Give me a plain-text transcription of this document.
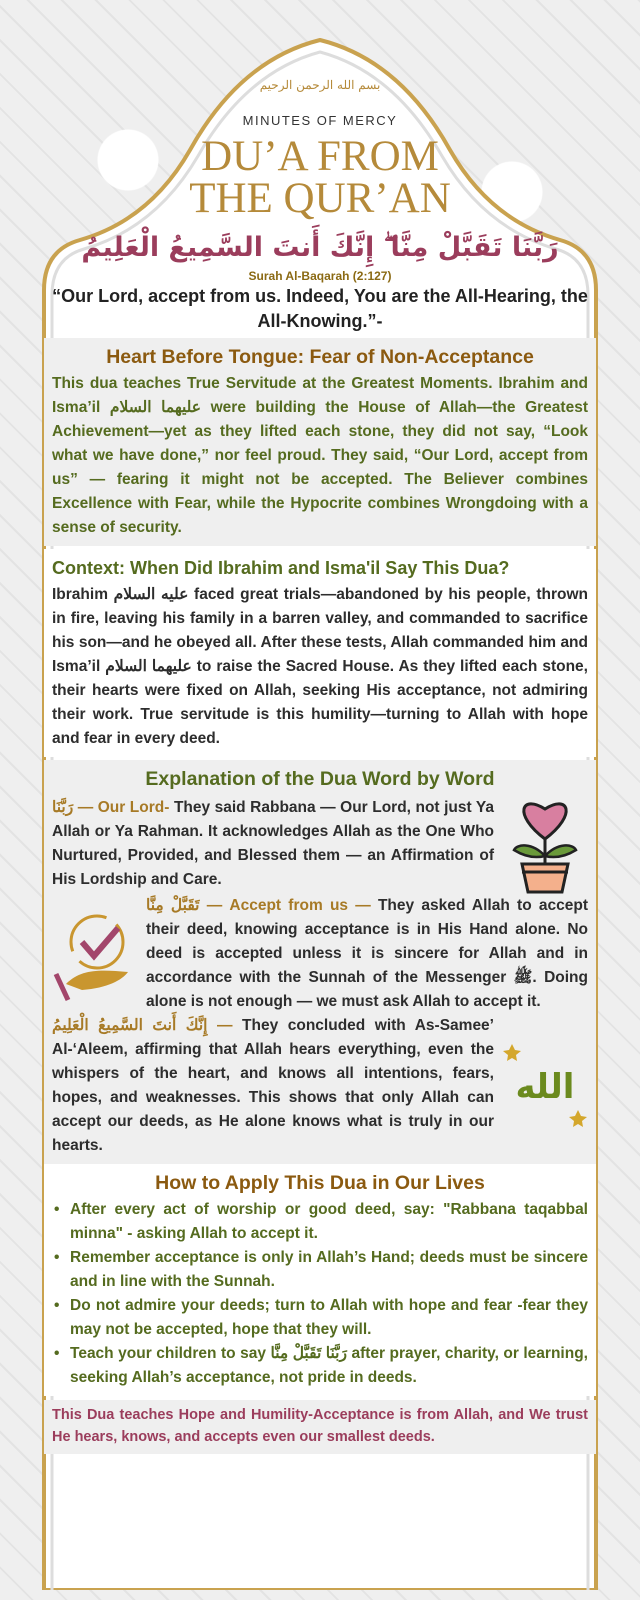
بسم الله الرحمن الرحيم
MINUTES OF MERCY
DU’A FROM
THE QUR’AN
رَبَّنَا تَقَبَّلْ مِنَّا ۖ إِنَّكَ أَنتَ السَّمِيعُ الْعَلِيمُ
Surah Al-Baqarah (2:127)
“Our Lord, accept from us. Indeed, You are the All-Hearing, the All-Knowing.”-
Heart Before Tongue: Fear of Non-Acceptance

This dua teaches True Servitude at the Greatest Moments. Ibrahim and Isma’il عليهما السلام were building the House of Allah—the Greatest Achievement—yet as they lifted each stone, they did not say, “Look what we have done,” nor feel proud. They said, “Our Lord, accept from us” — fearing it might not be accepted. The Believer combines Excellence with Fear, while the Hypocrite combines Wrongdoing with a sense of security.

Context: When Did Ibrahim and Isma'il Say This Dua?

Ibrahim عليه السلام faced great trials—abandoned by his people, thrown in fire, leaving his family in a barren valley, and commanded to sacrifice his son—and he obeyed all. After these tests, Allah commanded him and Isma’il عليهما السلام to raise the Sacred House. As they lifted each stone, their hearts were fixed on Allah, seeking His acceptance, not admiring their work. True servitude is this humility—turning to Allah with hope and fear in every deed.

Explanation of the Dua Word by Word

رَبَّنَا — Our Lord- They said Rabbana — Our Lord, not just Ya Allah or Ya Rahman. It acknowledges Allah as the One Who Nurtured, Provided, and Blessed them — an Affirmation of His Lordship and Care.

تَقَبَّلْ مِنَّا — Accept from us — They asked Allah to accept their deed, knowing acceptance is in His Hand alone. No deed is accepted unless it is sincere for Allah and in accordance with the Sunnah of the Messenger ﷺ. Doing alone is not enough — we must ask Allah to accept it.

إِنَّكَ أَنتَ السَّمِيعُ الْعَلِيمُ — They concluded with As-Samee’ Al-‘Aleem, affirming that Allah hears everything, even the whispers of the heart, and knows all intentions, fears, hopes, and weaknesses. This shows that only Allah can accept our deeds, as He alone knows what is truly in our hearts.

الله
How to Apply This Dua in Our Lives
• After every act of worship or good deed, say: "Rabbana taqabbal minna" - asking Allah to accept it.
• Remember acceptance is only in Allah’s Hand; deeds must be sincere and in line with the Sunnah.
• Do not admire your deeds; turn to Allah with hope and fear -fear they may not be accepted, hope that they will.
• Teach your children to say رَبَّنَا تَقَبَّلْ مِنَّا after prayer, charity, or learning, seeking Allah’s acceptance, not pride in deeds.

This Dua teaches Hope and Humility-Acceptance is from Allah, and We trust He hears, knows, and accepts even our smallest deeds.
